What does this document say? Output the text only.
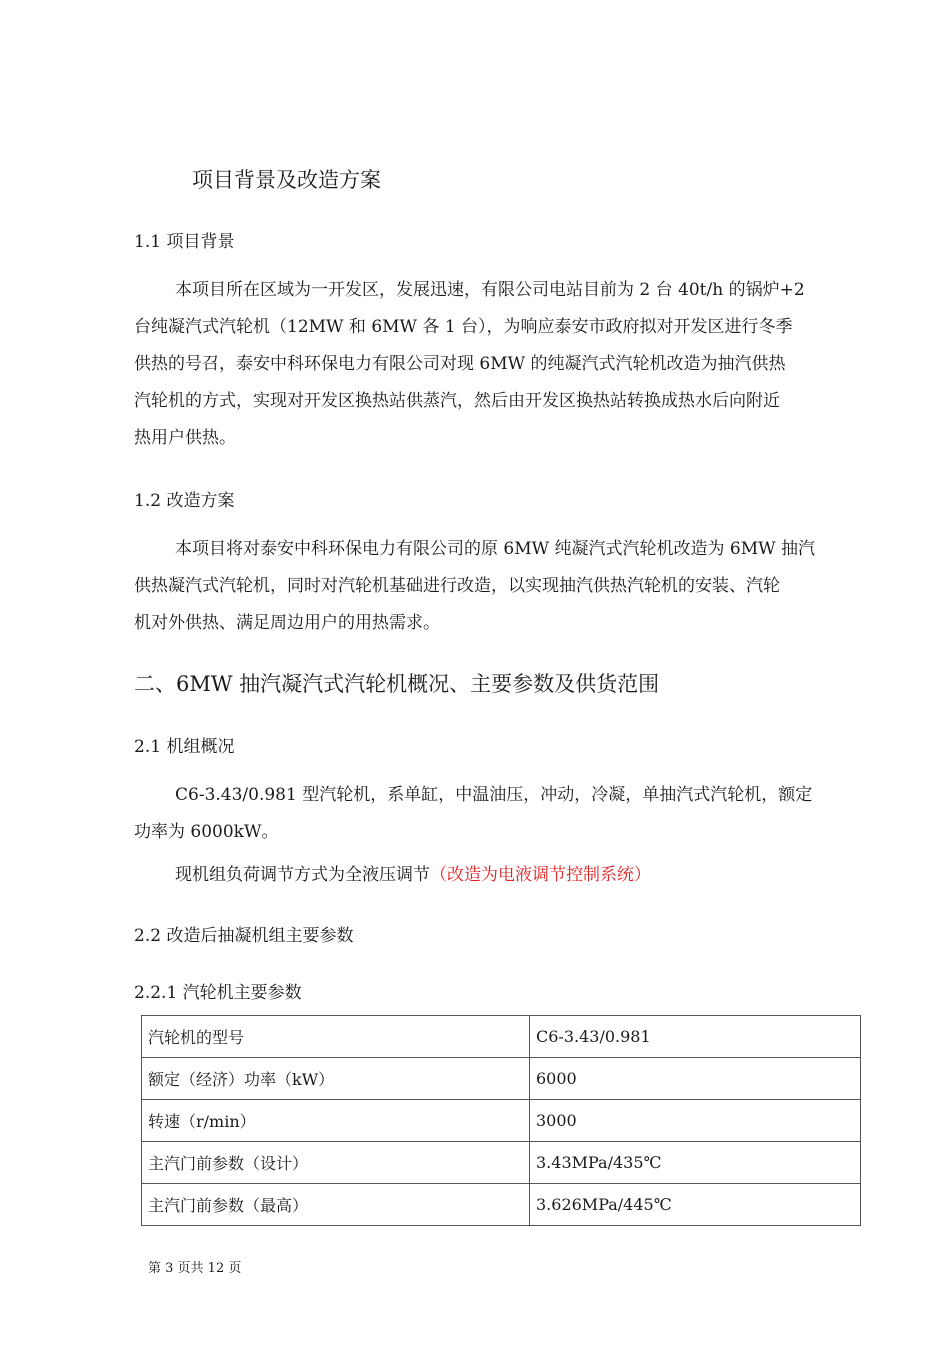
项目背景及改造方案
1.1 项目背景
本项目所在区域为一开发区，发展迅速，有限公司电站目前为 2 台 40t/h 的锅炉+2
台纯凝汽式汽轮机（12MW 和 6MW 各 1 台），为响应泰安市政府拟对开发区进行冬季
供热的号召，泰安中科环保电力有限公司对现 6MW 的纯凝汽式汽轮机改造为抽汽供热
汽轮机的方式，实现对开发区换热站供蒸汽，然后由开发区换热站转换成热水后向附近
热用户供热。
1.2 改造方案
本项目将对泰安中科环保电力有限公司的原 6MW 纯凝汽式汽轮机改造为 6MW 抽汽
供热凝汽式汽轮机，同时对汽轮机基础进行改造，以实现抽汽供热汽轮机的安装、汽轮
机对外供热、满足周边用户的用热需求。
二、6MW 抽汽凝汽式汽轮机概况、主要参数及供货范围
2.1 机组概况
C6-3.43/0.981 型汽轮机，系单缸，中温油压，冲动，冷凝，单抽汽式汽轮机，额定
功率为 6000kW。
现机组负荷调节方式为全液压调节（改造为电液调节控制系统）
2.2 改造后抽凝机组主要参数
2.2.1 汽轮机主要参数
汽轮机的型号	C6-3.43/0.981
额定（经济）功率（kW）	6000
转速（r/min）	3000
主汽门前参数（设计）	3.43MPa/435℃
主汽门前参数（最高）	3.626MPa/445℃
第 3 页共 12 页
